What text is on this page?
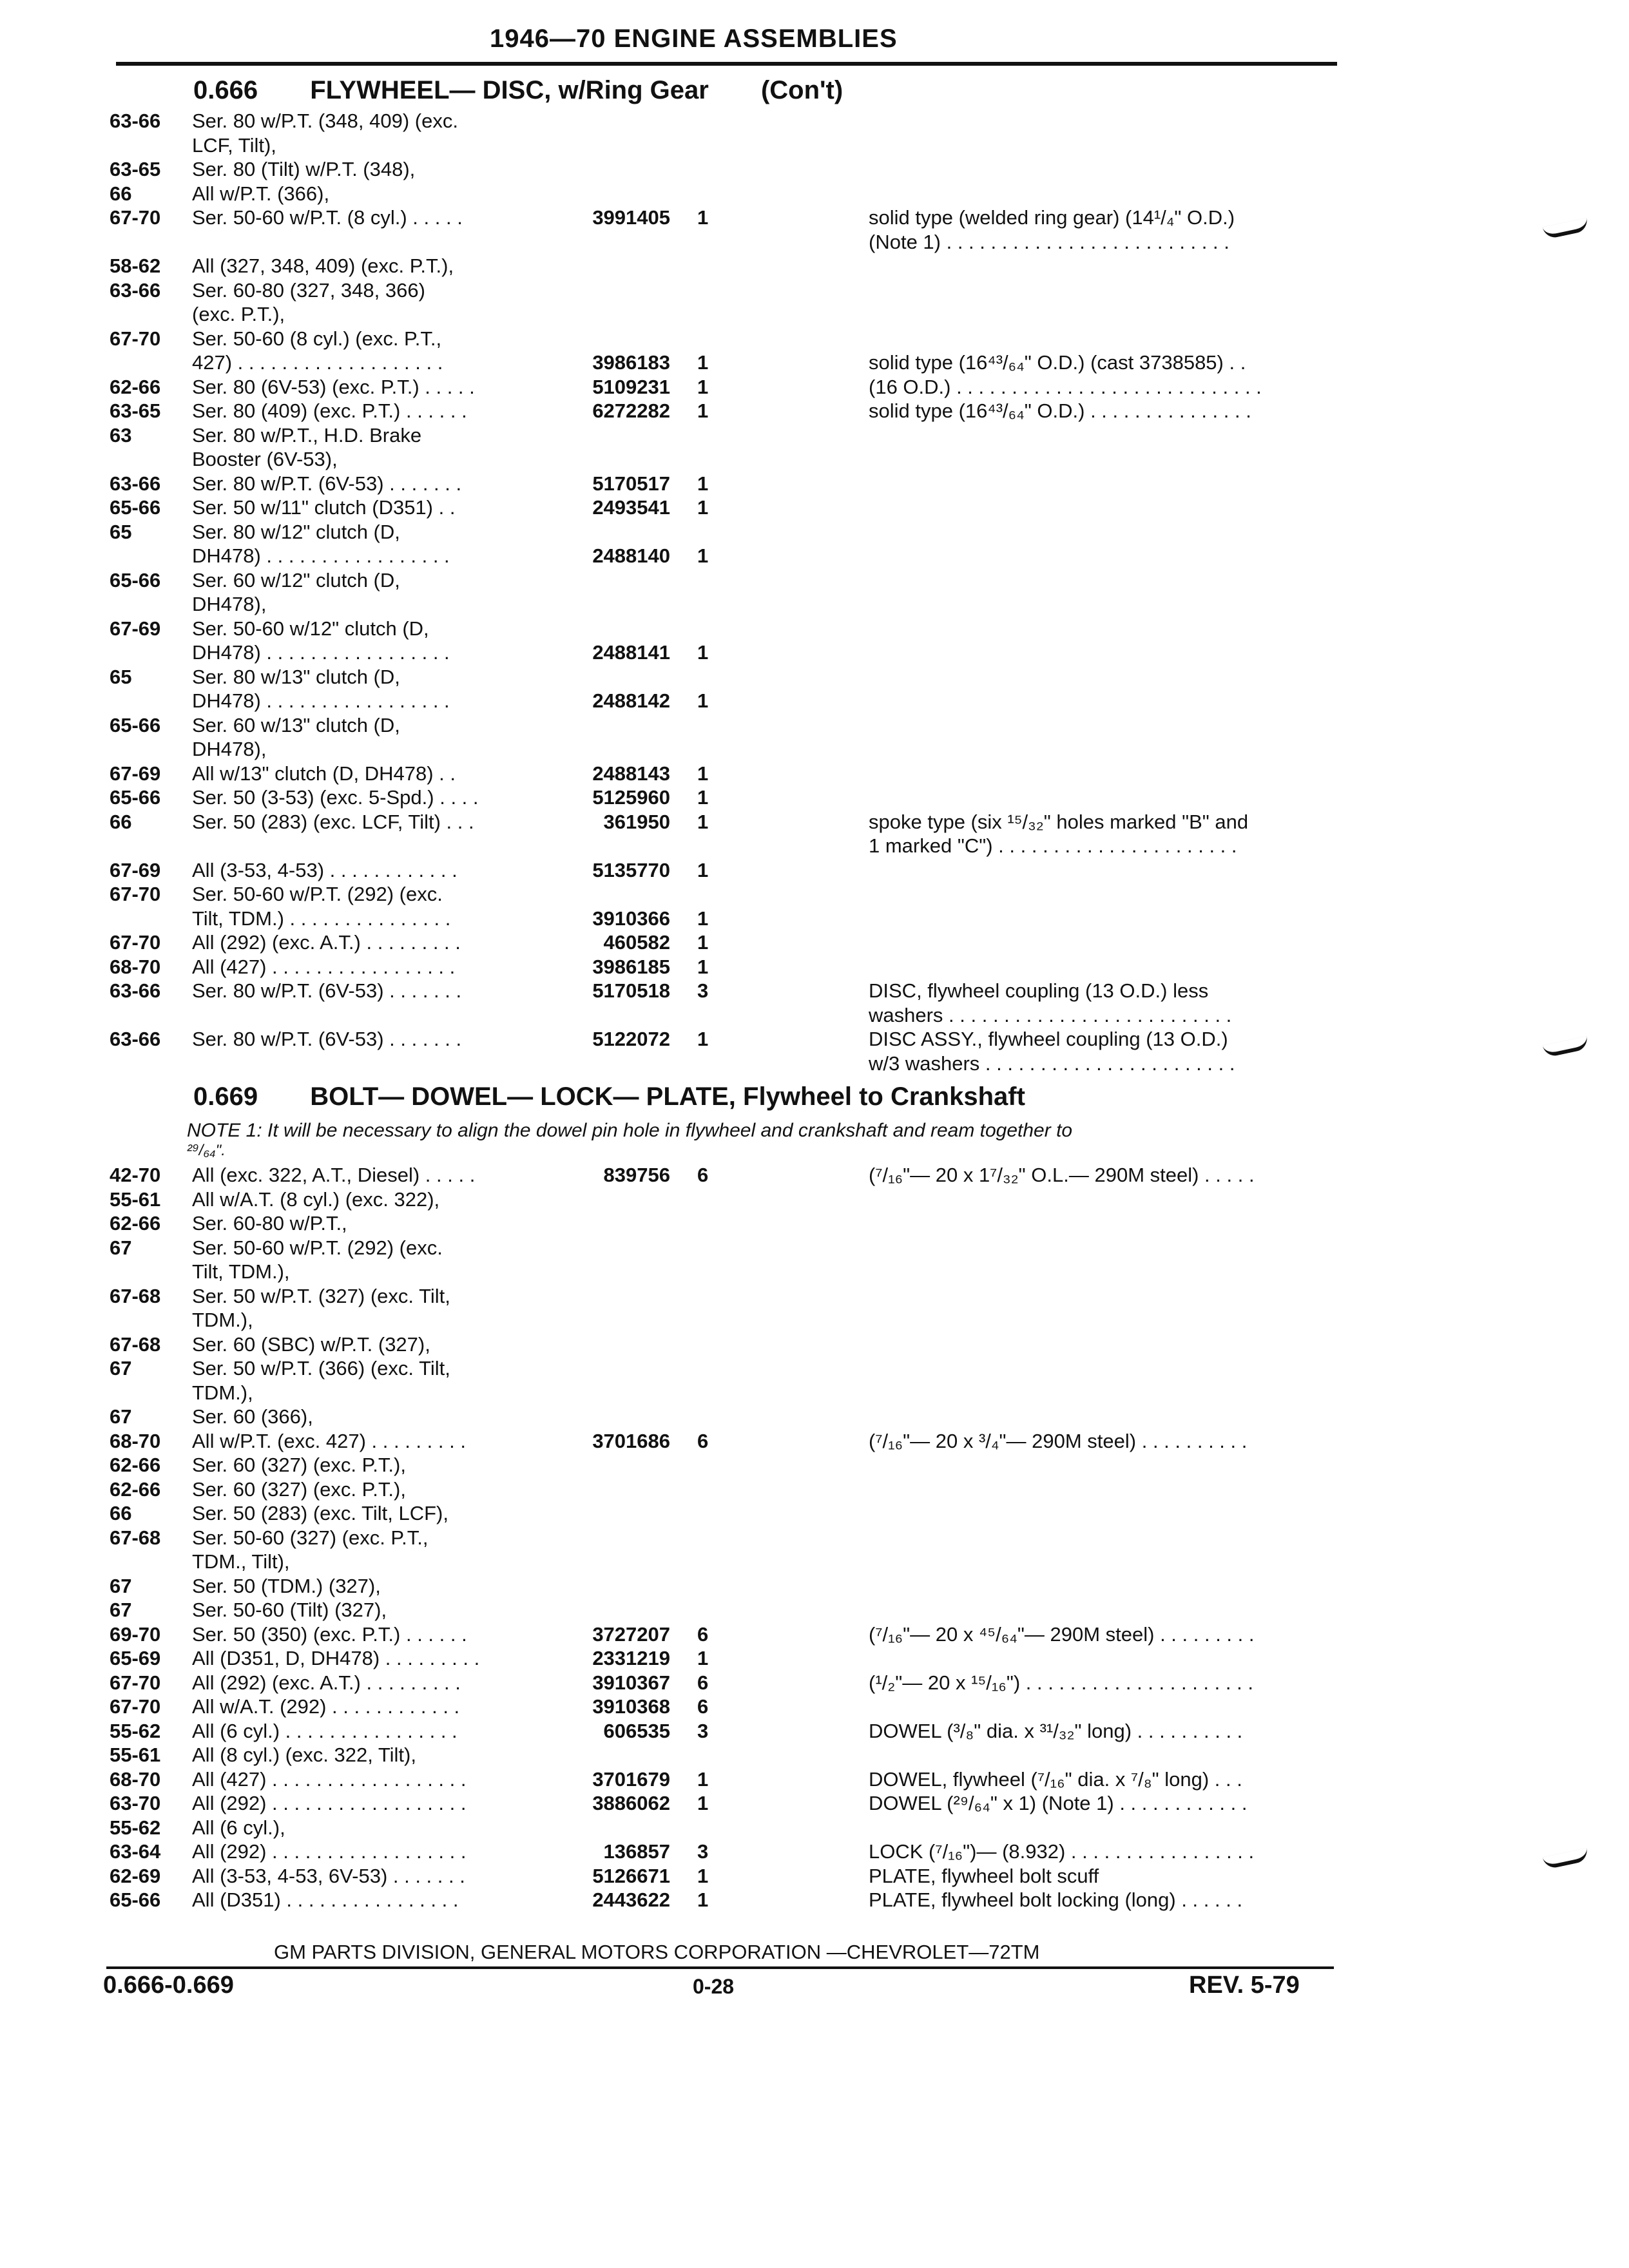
1946—70 ENGINE ASSEMBLIES
0.666 FLYWHEEL— DISC, w/Ring Gear (Con't)
63-66	Ser. 80 w/P.T. (348, 409) (exc.
LCF, Tilt),
63-65	Ser. 80 (Tilt) w/P.T. (348),
66	All w/P.T. (366),
67-70	Ser. 50-60 w/P.T. (8 cyl.) . . . . .	3991405 1	solid type (welded ring gear) (14¹/₄" O.D.)
(Note 1) . . . . . . . . . . . . . . . . . . . . . . . . . .
58-62	All (327, 348, 409) (exc. P.T.),
63-66	Ser. 60-80 (327, 348, 366)
(exc. P.T.),
67-70	Ser. 50-60 (8 cyl.) (exc. P.T.,
427) . . . . . . . . . . . . . . . . . . .	3986183 1	solid type (16⁴³/₆₄" O.D.) (cast 3738585) . .
62-66	Ser. 80 (6V-53) (exc. P.T.) . . . . .	5109231 1	(16 O.D.) . . . . . . . . . . . . . . . . . . . . . . . . . . . .
63-65	Ser. 80 (409) (exc. P.T.) . . . . . .	6272282 1	solid type (16⁴³/₆₄" O.D.) . . . . . . . . . . . . . . .
63	Ser. 80 w/P.T., H.D. Brake
Booster (6V-53),
63-66	Ser. 80 w/P.T. (6V-53) . . . . . . .	5170517 1
65-66	Ser. 50 w/11" clutch (D351) . .	2493541 1
65	Ser. 80 w/12" clutch (D,
DH478) . . . . . . . . . . . . . . . . .	2488140 1
65-66	Ser. 60 w/12" clutch (D,
DH478),
67-69	Ser. 50-60 w/12" clutch (D,
DH478) . . . . . . . . . . . . . . . . .	2488141 1
65	Ser. 80 w/13" clutch (D,
DH478) . . . . . . . . . . . . . . . . .	2488142 1
65-66	Ser. 60 w/13" clutch (D,
DH478),
67-69	All w/13" clutch (D, DH478) . .	2488143 1
65-66	Ser. 50 (3-53) (exc. 5-Spd.) . . . .	5125960 1
66	Ser. 50 (283) (exc. LCF, Tilt) . . .	361950 1	spoke type (six ¹⁵/₃₂" holes marked "B" and
1 marked "C") . . . . . . . . . . . . . . . . . . . . . .
67-69	All (3-53, 4-53) . . . . . . . . . . . .	5135770 1
67-70	Ser. 50-60 w/P.T. (292) (exc.
Tilt, TDM.) . . . . . . . . . . . . . . .	3910366 1
67-70	All (292) (exc. A.T.) . . . . . . . . .	460582 1
68-70	All (427) . . . . . . . . . . . . . . . . .	3986185 1
63-66	Ser. 80 w/P.T. (6V-53) . . . . . . .	5170518 3	DISC, flywheel coupling (13 O.D.) less
washers . . . . . . . . . . . . . . . . . . . . . . . . . .
63-66	Ser. 80 w/P.T. (6V-53) . . . . . . .	5122072 1	DISC ASSY., flywheel coupling (13 O.D.)
w/3 washers . . . . . . . . . . . . . . . . . . . . . . .
0.669 BOLT— DOWEL— LOCK— PLATE, Flywheel to Crankshaft
NOTE 1: It will be necessary to align the dowel pin hole in flywheel and crankshaft and ream together to
²⁹/₆₄".
42-70	All (exc. 322, A.T., Diesel) . . . . .	839756 6	(⁷/₁₆"— 20 x 1⁷/₃₂" O.L.— 290M steel) . . . . .
55-61	All w/A.T. (8 cyl.) (exc. 322),
62-66	Ser. 60-80 w/P.T.,
67	Ser. 50-60 w/P.T. (292) (exc.
Tilt, TDM.),
67-68	Ser. 50 w/P.T. (327) (exc. Tilt,
TDM.),
67-68	Ser. 60 (SBC) w/P.T. (327),
67	Ser. 50 w/P.T. (366) (exc. Tilt,
TDM.),
67	Ser. 60 (366),
68-70	All w/P.T. (exc. 427) . . . . . . . . .	3701686 6	(⁷/₁₆"— 20 x ³/₄"— 290M steel) . . . . . . . . . .
62-66	Ser. 60 (327) (exc. P.T.),
62-66	Ser. 60 (327) (exc. P.T.),
66	Ser. 50 (283) (exc. Tilt, LCF),
67-68	Ser. 50-60 (327) (exc. P.T.,
TDM., Tilt),
67	Ser. 50 (TDM.) (327),
67	Ser. 50-60 (Tilt) (327),
69-70	Ser. 50 (350) (exc. P.T.) . . . . . .	3727207 6	(⁷/₁₆"— 20 x ⁴⁵/₆₄"— 290M steel) . . . . . . . . .
65-69	All (D351, D, DH478) . . . . . . . . .	2331219 1
67-70	All (292) (exc. A.T.) . . . . . . . . .	3910367 6	(¹/₂"— 20 x ¹⁵/₁₆") . . . . . . . . . . . . . . . . . . . . .
67-70	All w/A.T. (292) . . . . . . . . . . . .	3910368 6
55-62	All (6 cyl.) . . . . . . . . . . . . . . . .	606535 3	DOWEL (³/₈" dia. x ³¹/₃₂" long) . . . . . . . . . .
55-61	All (8 cyl.) (exc. 322, Tilt),
68-70	All (427) . . . . . . . . . . . . . . . . . .	3701679 1	DOWEL, flywheel (⁷/₁₆" dia. x ⁷/₈" long) . . .
63-70	All (292) . . . . . . . . . . . . . . . . . .	3886062 1	DOWEL (²⁹/₆₄" x 1) (Note 1) . . . . . . . . . . . .
55-62	All (6 cyl.),
63-64	All (292) . . . . . . . . . . . . . . . . . .	136857 3	LOCK (⁷/₁₆")— (8.932) . . . . . . . . . . . . . . . . .
62-69	All (3-53, 4-53, 6V-53) . . . . . . .	5126671 1	PLATE, flywheel bolt scuff
65-66	All (D351) . . . . . . . . . . . . . . . .	2443622 1	PLATE, flywheel bolt locking (long) . . . . . .
GM PARTS DIVISION, GENERAL MOTORS CORPORATION —CHEVROLET—72TM
0.666-0.669	0-28	REV. 5-79
